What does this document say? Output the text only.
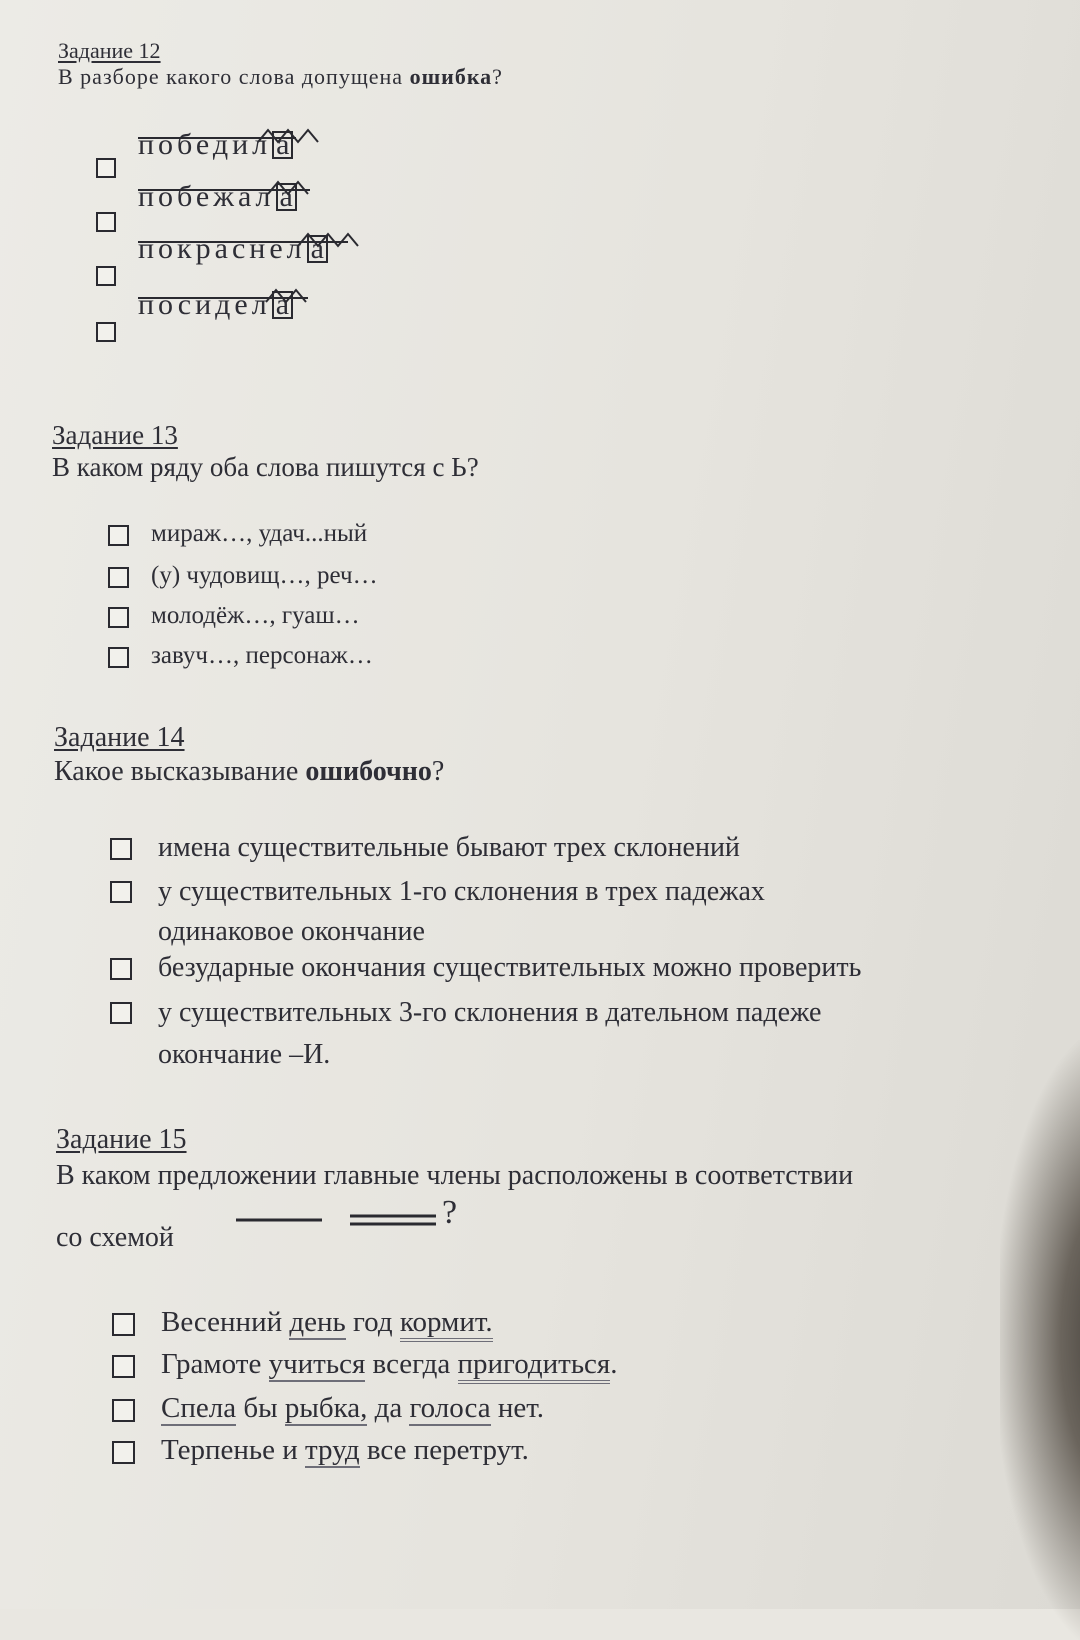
Задание 12
В разборе какого слова допущена ошибка?
победил а
побежал а
покраснел а
посидел а
Задание 13
В каком ряду оба слова пишутся с Ь?
мираж…, удач...ный
(у) чудовищ…, реч…
молодёж…, гуаш…
завуч…, персонаж…
Задание 14
Какое высказывание ошибочно?
имена существительные бывают трех склонений
у существительных 1-го склонения в трех падежах
одинаковое окончание
безударные окончания существительных можно проверить
у существительных 3-го склонения в дательном падеже
окончание –И.
Задание 15
В каком предложении главные члены расположены в соответствии
со схемой
?
Весенний день год кормит.
Грамоте учиться всегда пригодиться.
Спела бы рыбка, да голоса нет.
Терпенье и труд все перетрут.
